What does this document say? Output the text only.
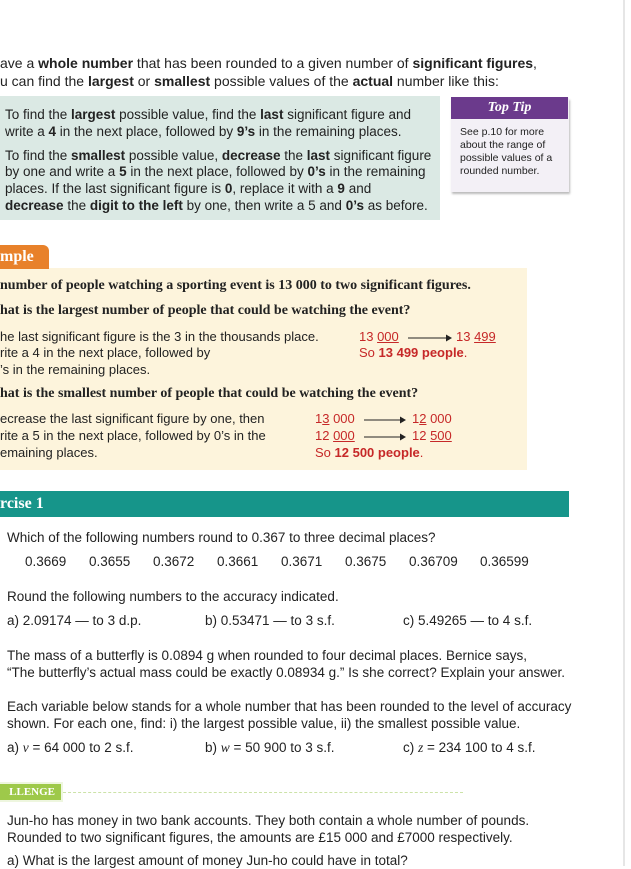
ave a whole number that has been rounded to a given number of significant figures,

u can find the largest or smallest possible values of the actual number like this:

To find the largest possible value, find the last significant figure and

write a 4 in the next place, followed by 9’s in the remaining places.

To find the smallest possible value, decrease the last significant figure

by one and write a 5 in the next place, followed by 0’s in the remaining

places. If the last significant figure is 0, replace it with a 9 and

decrease the digit to the left by one, then write a 5 and 0’s as before.

Top Tip
See p.10 for more about the range of possible values of a rounded number.
number of people watching a sporting event is 13 000 to two significant figures.
hat is the largest number of people that could be watching the event?
he last significant figure is the 3 in the thousands place.
rite a 4 in the next place, followed by
’s in the remaining places.
13 000	13 499
So 13 499 people.
hat is the smallest number of people that could be watching the event?
ecrease the last significant figure by one, then
rite a 5 in the next place, followed by 0’s in the
emaining places.
13 000	12 000
12 000	12 500
So 12 500 people.
mple
rcise 1
Which of the following numbers round to 0.367 to three decimal places?
0.3669 0.3655 0.3672 0.3661 0.3671 0.3675 0.36709 0.36599
Round the following numbers to the accuracy indicated.
a) 2.09174 — to 3 d.p.	b) 0.53471 — to 3 s.f.	c) 5.49265 — to 4 s.f.
The mass of a butterfly is 0.0894 g when rounded to four decimal places. Bernice says,
“The butterfly’s actual mass could be exactly 0.08934 g.” Is she correct? Explain your answer.
Each variable below stands for a whole number that has been rounded to the level of accuracy
shown. For each one, find: i) the largest possible value, ii) the smallest possible value.
a) v = 64 000 to 2 s.f.	b) w = 50 900 to 3 s.f.	c) z = 234 100 to 4 s.f.
LLENGE
Jun-ho has money in two bank accounts. They both contain a whole number of pounds.
Rounded to two significant figures, the amounts are £15 000 and £7000 respectively.
a) What is the largest amount of money Jun-ho could have in total?
